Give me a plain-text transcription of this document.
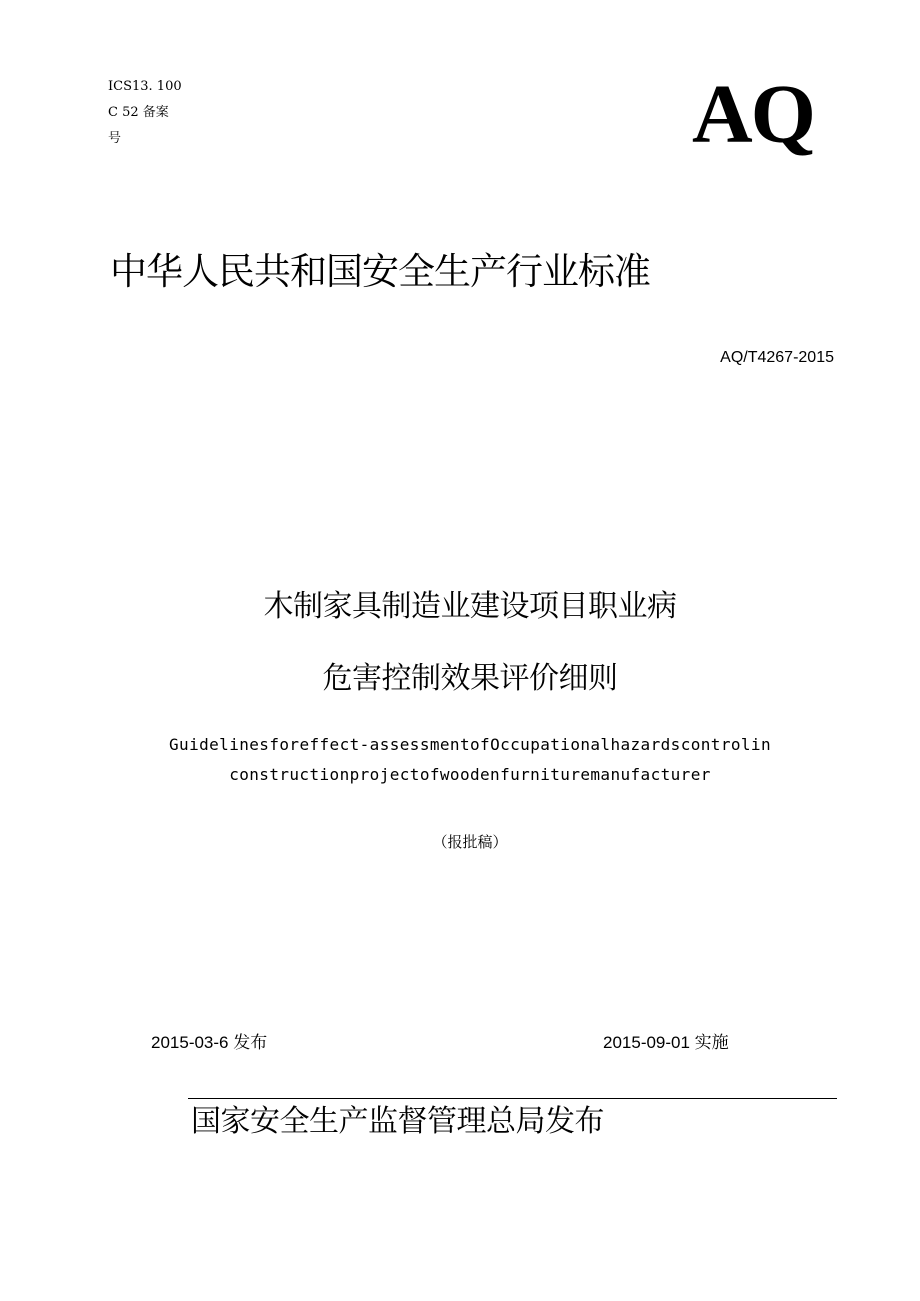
ICS13. 100
C 52 备案
号	AQ
中华人民共和国安全生产行业标准
AQ/T4267-2015
木制家具制造业建设项目职业病
危害控制效果评价细则
Guidelinesforeffect-assessmentofOccupationalhazardscontrolin
constructionprojectofwoodenfurnituremanufacturer
（报批稿）
2015-03-6 发布	2015-09-01 实施
国家安全生产监督管理总局发布
